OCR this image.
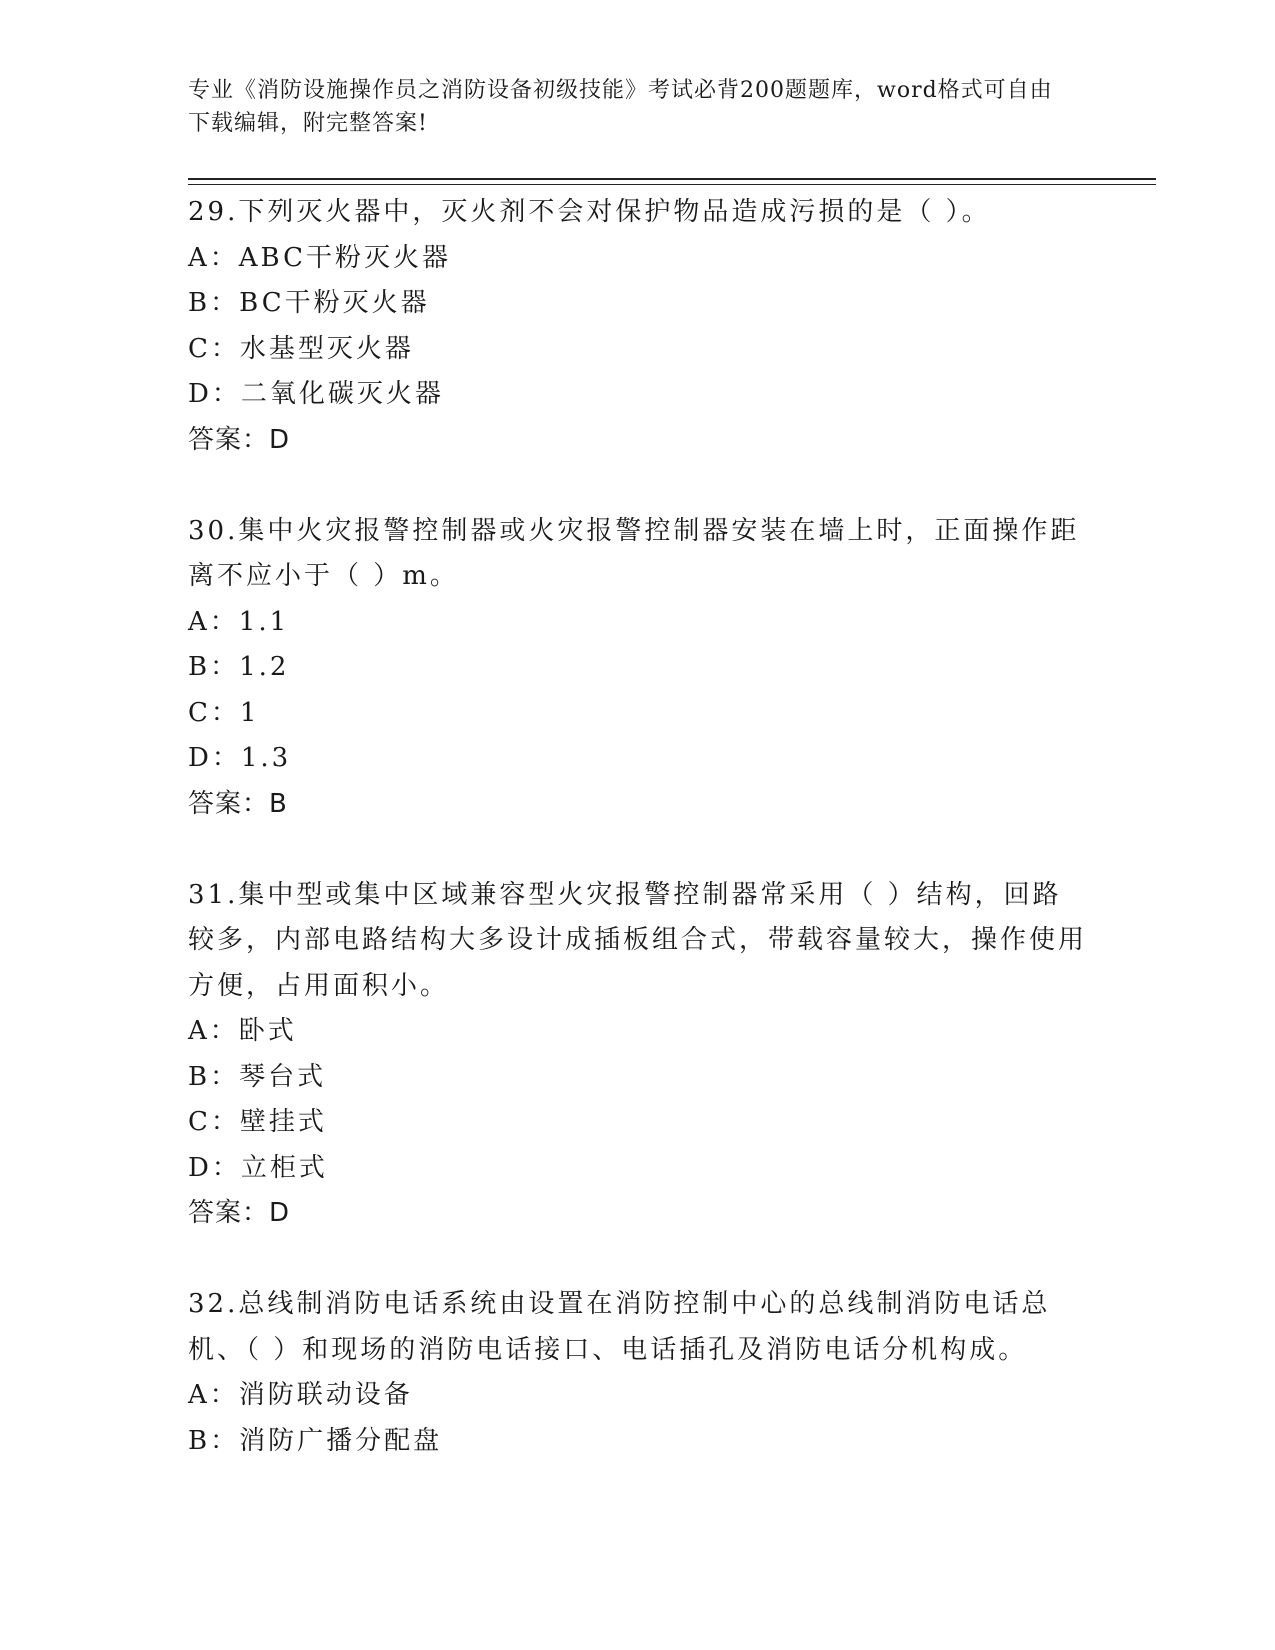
专业《消防设施操作员之消防设备初级技能》考试必背200题题库，word格式可自由下载编辑，附完整答案!

29.下列灭火器中，灭火剂不会对保护物品造成污损的是（ ）。

A：ABC干粉灭火器

B：BC干粉灭火器

C：水基型灭火器

D：二氧化碳灭火器

答案：D

30.集中火灾报警控制器或火灾报警控制器安装在墙上时，正面操作距离不应小于（ ）m。

A：1.1

B：1.2

C：1

D：1.3

答案：B

31.集中型或集中区域兼容型火灾报警控制器常采用（ ）结构，回路较多，内部电路结构大多设计成插板组合式，带载容量较大，操作使用方便，占用面积小。

A：卧式

B：琴台式

C：壁挂式

D：立柜式

答案：D

32.总线制消防电话系统由设置在消防控制中心的总线制消防电话总机、（ ）和现场的消防电话接口、电话插孔及消防电话分机构成。

A：消防联动设备

B：消防广播分配盘
